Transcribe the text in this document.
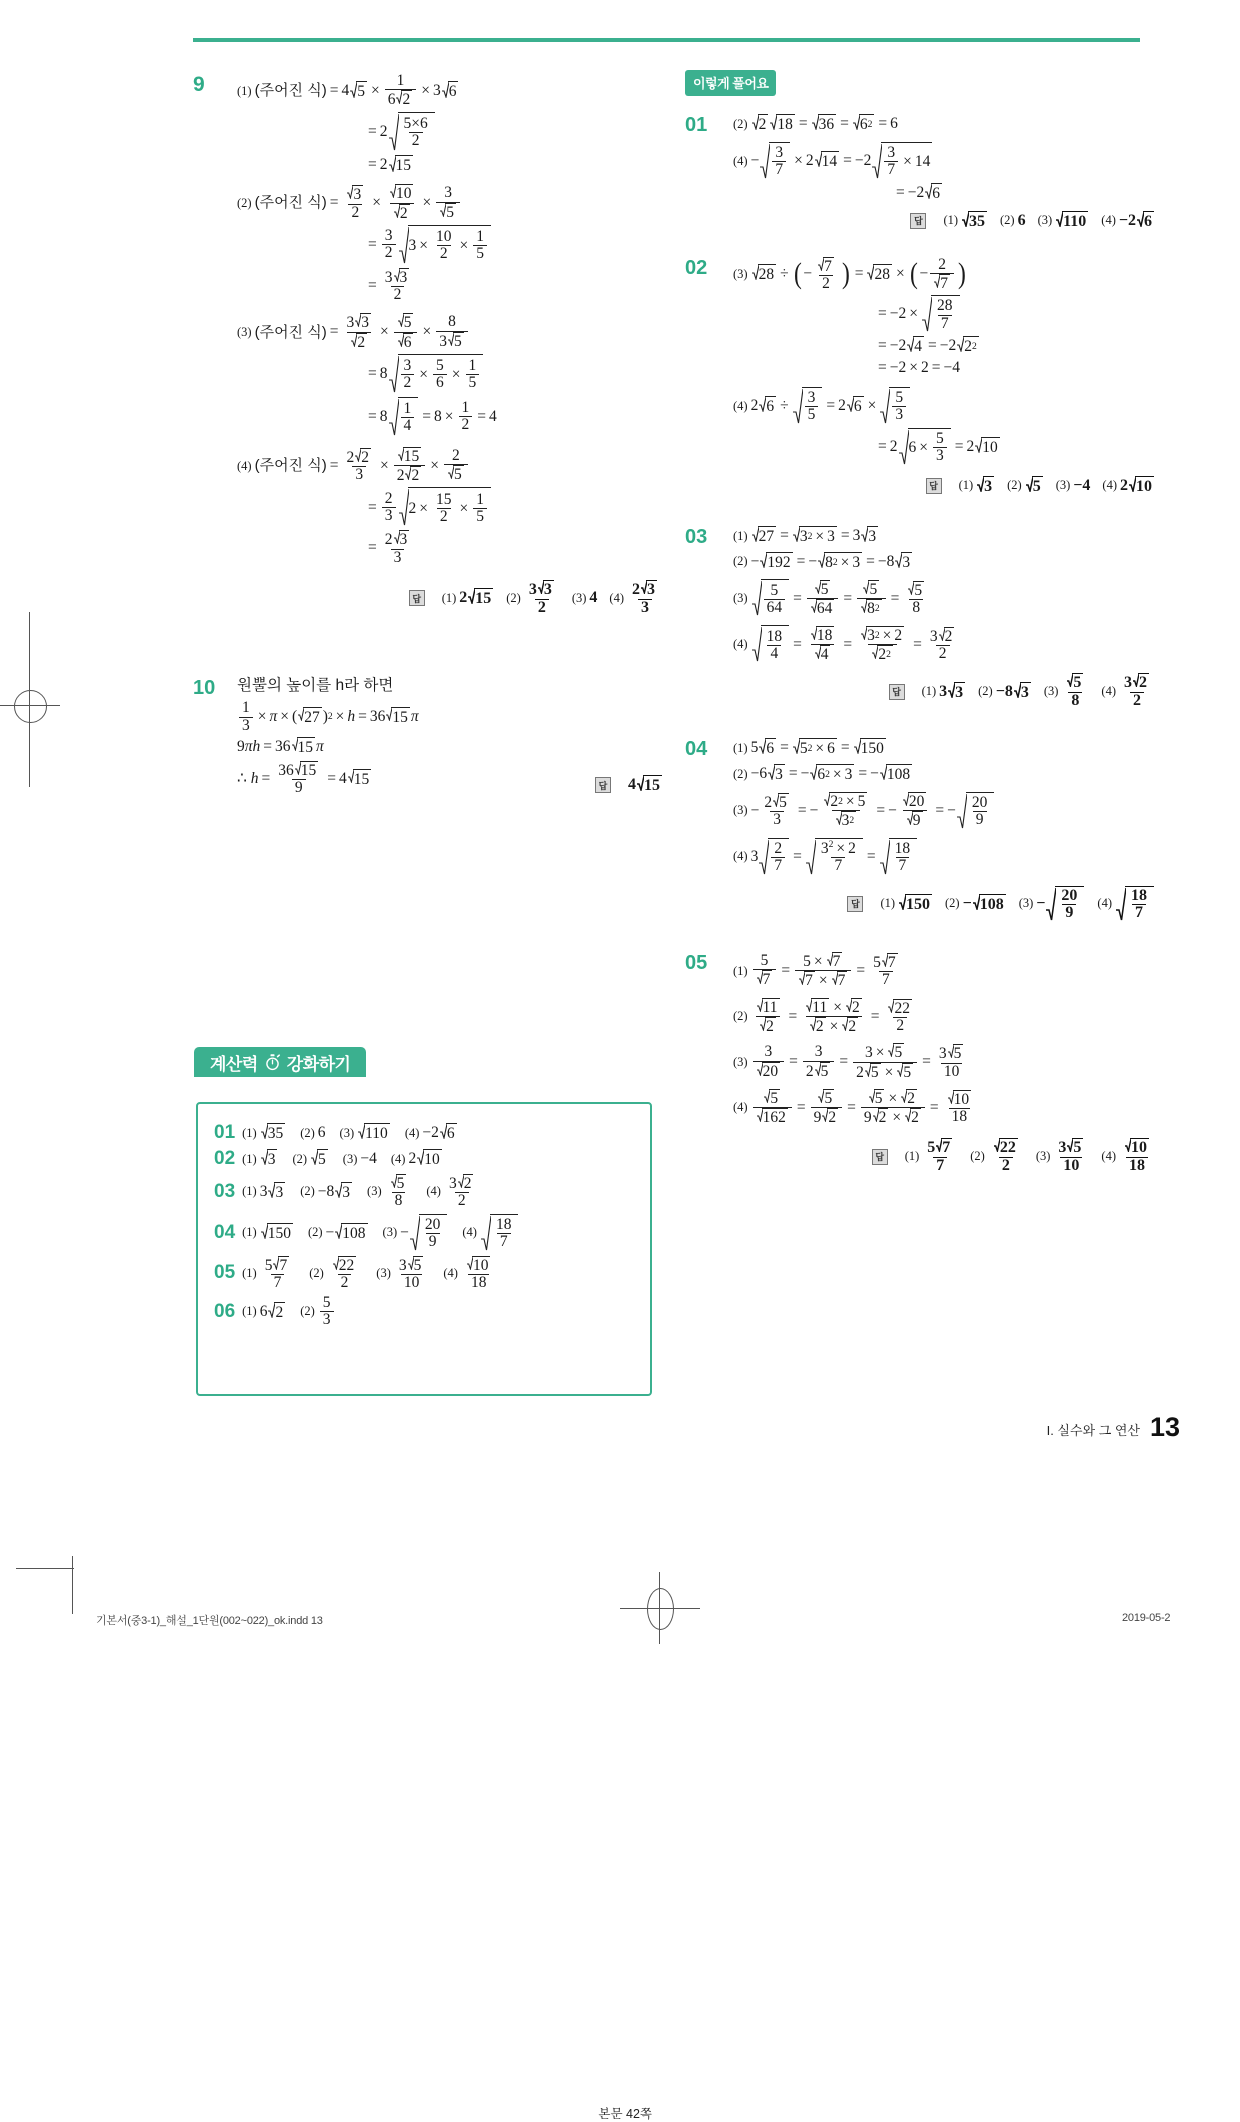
9	(1) (주어진 식) = 4 $5 \times \frac{1}{6 2} \times 3$ 6
= $2 \frac{5\times 6}{2}$
= 2 15
(2) (주어진 식) = $\frac{3}{2} \times \frac{10}{2} \times \frac{3}{5}$
= $\frac{3}{2} 3 \times \frac{10}{2} \times \frac{1}{5}$
= $\frac{3 3}{2}$
(3) (주어진 식) = $\frac{3 3}{2} \times \frac{5}{6} \times \frac{8}{3 5}$
= $8 \frac{3}{2} \times \frac{5}{6} \times \frac{1}{5}$
= $8 \frac{1}{4} = 8 \times \frac{1}{2} = 4$
(4) (주어진 식) = $\frac{2 2}{3} \times \frac{15}{2 2} \times \frac{2}{5}$
= $\frac{2}{3} 2 \times \frac{15}{2} \times \frac{1}{5}$
= $\frac{2 3}{3}$
답 (1) 2 15 $(2) \frac{3 3}{2} (3)$ 4 $(4) \frac{2 3}{3}$
10	원뿔의 높이를 h라 하면
$\frac{1}{3} \times \pi$ × ( 27 ) 2 × h = 36 15 π
9 π h = 36 15 π
∴ $h = \frac{36 15}{9} = 4$ 15	답 4 15
계산력 강화하기
본문 42쪽
01 (1) 35 (2) 6 (3) 110 (4) −2 6
02 (1) 3 (2) 5 (3) −4 (4) 2 10
03 (1) 3 3 (2) −8 3 $(3) \frac{5}{8} (4) \frac{3 2}{2}$
04 (1) 150 (2) − 108 $(3) - \frac{20}{9} (4) \frac{18}{7}$
05 $(1) \frac{5 7}{7} (2) \frac{22}{2} (3) \frac{3 5}{10} (4) \frac{10}{18}$
06 (1) 6 2 $(2) \frac{5}{3}$
이렇게 풀어요
01	(2) 2 18 = 36 = 6 2 = 6
$(4) - \frac{3}{7} \times 2$ $14 = -2 \frac{3}{7} \times 14$
= −2 6
답 (1) 35 (2) 6 (3) 110 (4) −2 6
02	(3) 28 ÷ ( − $\frac{7}{2}$ ) = 28 × ( − $\frac{2}{7}$ )
= $-2 \times \frac{28}{7}$
= −2 4 = −2 2 2
= −2 × 2 = −4
(4) 2 $6 \div \frac{3}{5} = 2$ $6 \times \frac{5}{3}$
= 2 $6 \times \frac{5}{3} = 2$ 10
답 (1) 3 (2) 5 (3) −4 (4) 2 10
03	(1) 27 = 3 2 × 3 = 3 3
(2) − 192 = − 8 2 × 3 = −8 3
$(3) \frac{5}{64} = \frac{5}{64} = \frac{5}{8 2} = \frac{5}{8}$
$(4) \frac{18}{4} = \frac{18}{4} = \frac{3 2 \times 2}{2 2} = \frac{3 2}{2}$
답 (1) 3 3 (2) −8 3 $(3) \frac{5}{8} (4) \frac{3 2}{2}$
04	(1) 5 6 = 5 2 × 6 = 150
(2) −6 3 = − 6 2 × 3 = − 108
$(3) - \frac{2 5}{3}$ = − $\frac{2 2 \times 5}{3 2}$ = − $\frac{20}{9}$ = − $\frac{20}{9}$
(4) $3 \frac{2}{7} = \frac{3^2 \times 2}{7} = \frac{18}{7}$
답 (1) 150 (2) − 108 $(3) - \frac{20}{9} (4) \frac{18}{7}$
05	$(1) \frac{5}{7} = \frac{5 \times 7}{7 \times 7} = \frac{5 7}{7}$
$(2) \frac{11}{2} = \frac{11 \times 2}{2 \times 2} = \frac{22}{2}$
$(3) \frac{3}{20} = \frac{3}{2 5} = \frac{3 \times 5}{2 5 \times 5} = \frac{3 5}{10}$
$(4) \frac{5}{162} = \frac{5}{9 2} = \frac{5 \times 2}{9 2 \times 2} = \frac{10}{18}$
답 $(1) \frac{5 7}{7} (2) \frac{22}{2} (3) \frac{3 5}{10} (4) \frac{10}{18}$
I. 실수와 그 연산 13
기본서(중3-1)_해설_1단원(002~022)_ok.indd 13	2019-05-2
